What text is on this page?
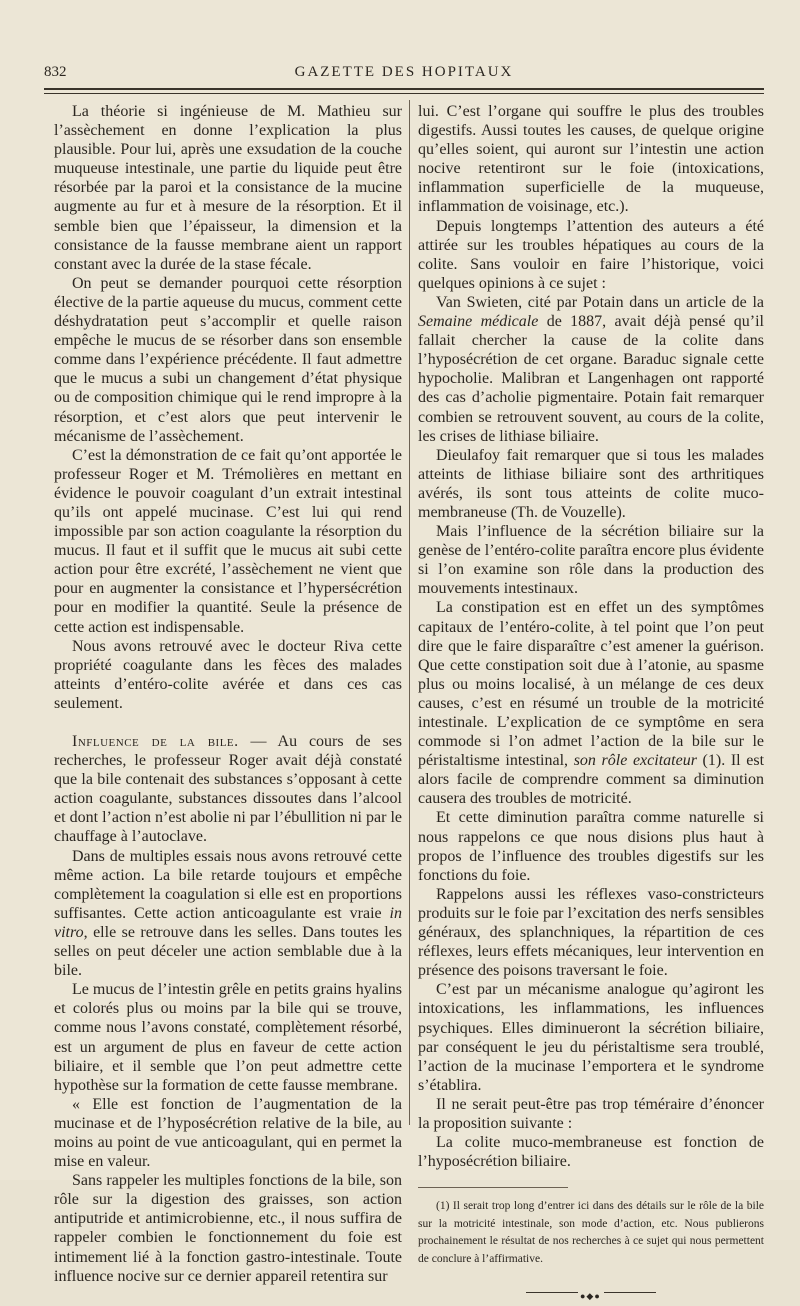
832	GAZETTE DES HOPITAUX

La théorie si ingénieuse de M. Mathieu sur l’assèchement en donne l’explication la plus plausible. Pour lui, après une exsudation de la couche muqueuse intestinale, une partie du liquide peut être résorbée par la paroi et la consistance de la mucine augmente au fur et à mesure de la résorption. Et il semble bien que l’épaisseur, la dimension et la consistance de la fausse membrane aient un rapport constant avec la durée de la stase fécale.

On peut se demander pourquoi cette résorption élective de la partie aqueuse du mucus, comment cette déshydratation peut s’accomplir et quelle raison empêche le mucus de se résorber dans son ensemble comme dans l’expérience précédente. Il faut admettre que le mucus a subi un changement d’état physique ou de composition chimique qui le rend impropre à la résorption, et c’est alors que peut intervenir le mécanisme de l’assèchement.

C’est la démonstration de ce fait qu’ont apportée le professeur Roger et M. Trémolières en mettant en évidence le pouvoir coagulant d’un extrait intestinal qu’ils ont appelé mucinase. C’est lui qui rend impossible par son action coagulante la résorption du mucus. Il faut et il suffit que le mucus ait subi cette action pour être excrété, l’assèchement ne vient que pour en augmenter la consistance et l’hypersécrétion pour en modifier la quantité. Seule la présence de cette action est indispensable.

Nous avons retrouvé avec le docteur Riva cette propriété coagulante dans les fèces des malades atteints d’entéro-colite avérée et dans ces cas seulement.

Influence de la bile. — Au cours de ses recherches, le professeur Roger avait déjà constaté que la bile contenait des substances s’opposant à cette action coagulante, substances dissoutes dans l’alcool et dont l’action n’est abolie ni par l’ébullition ni par le chauffage à l’autoclave.

Dans de multiples essais nous avons retrouvé cette même action. La bile retarde toujours et empêche complètement la coagulation si elle est en proportions suffisantes. Cette action anticoagulante est vraie in vitro, elle se retrouve dans les selles. Dans toutes les selles on peut déceler une action semblable due à la bile.

Le mucus de l’intestin grêle en petits grains hyalins et colorés plus ou moins par la bile qui se trouve, comme nous l’avons constaté, complètement résorbé, est un argument de plus en faveur de cette action biliaire, et il semble que l’on peut admettre cette hypothèse sur la formation de cette fausse membrane.

« Elle est fonction de l’augmentation de la mucinase et de l’hyposécrétion relative de la bile, au moins au point de vue anticoagulant, qui en permet la mise en valeur.

Sans rappeler les multiples fonctions de la bile, son rôle sur la digestion des graisses, son action antiputride et antimicrobienne, etc., il nous suffira de rappeler combien le fonctionnement du foie est intimement lié à la fonction gastro-intestinale. Toute influence nocive sur ce dernier appareil retentira sur

lui. C’est l’organe qui souffre le plus des troubles digestifs. Aussi toutes les causes, de quelque origine qu’elles soient, qui auront sur l’intestin une action nocive retentiront sur le foie (intoxications, inflammation superficielle de la muqueuse, inflammation de voisinage, etc.).

Depuis longtemps l’attention des auteurs a été attirée sur les troubles hépatiques au cours de la colite. Sans vouloir en faire l’historique, voici quelques opinions à ce sujet :

Van Swieten, cité par Potain dans un article de la Semaine médicale de 1887, avait déjà pensé qu’il fallait chercher la cause de la colite dans l’hyposécrétion de cet organe. Baraduc signale cette hypocholie. Malibran et Langenhagen ont rapporté des cas d’acholie pigmentaire. Potain fait remarquer combien se retrouvent souvent, au cours de la colite, les crises de lithiase biliaire.

Dieulafoy fait remarquer que si tous les malades atteints de lithiase biliaire sont des arthritiques avérés, ils sont tous atteints de colite muco-membraneuse (Th. de Vouzelle).

Mais l’influence de la sécrétion biliaire sur la genèse de l’entéro-colite paraîtra encore plus évidente si l’on examine son rôle dans la production des mouvements intestinaux.

La constipation est en effet un des symptômes capitaux de l’entéro-colite, à tel point que l’on peut dire que le faire disparaître c’est amener la guérison. Que cette constipation soit due à l’atonie, au spasme plus ou moins localisé, à un mélange de ces deux causes, c’est en résumé un trouble de la motricité intestinale. L’explication de ce symptôme en sera commode si l’on admet l’action de la bile sur le péristaltisme intestinal, son rôle excitateur (1). Il est alors facile de comprendre comment sa diminution causera des troubles de motricité.

Et cette diminution paraîtra comme naturelle si nous rappelons ce que nous disions plus haut à propos de l’influence des troubles digestifs sur les fonctions du foie.

Rappelons aussi les réflexes vaso-constricteurs produits sur le foie par l’excitation des nerfs sensibles généraux, des splanchniques, la répartition de ces réflexes, leurs effets mécaniques, leur intervention en présence des poisons traversant le foie.

C’est par un mécanisme analogue qu’agiront les intoxications, les inflammations, les influences psychiques. Elles diminueront la sécrétion biliaire, par conséquent le jeu du péristaltisme sera troublé, l’action de la mucinase l’emportera et le syndrome s’établira.

Il ne serait peut-être pas trop téméraire d’énoncer la proposition suivante :

La colite muco-membraneuse est fonction de l’hyposécrétion biliaire.

(1) Il serait trop long d’entrer ici dans des détails sur le rôle de la bile sur la motricité intestinale, son mode d’action, etc. Nous publierons prochainement le résultat de nos recherches à ce sujet qui nous permettent de conclure à l’affirmative.

●◆●
